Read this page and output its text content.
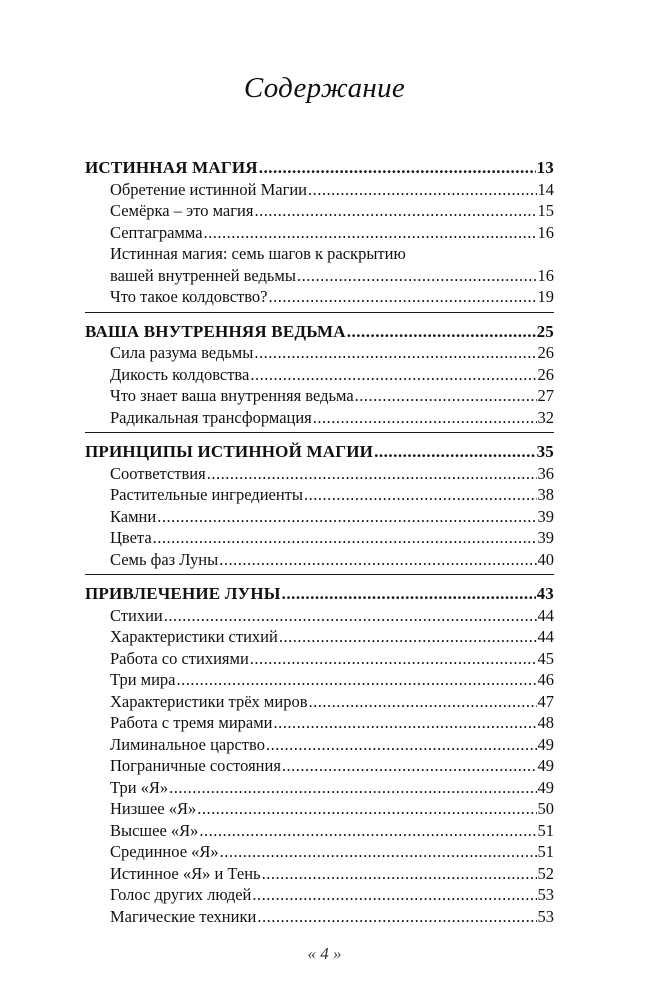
Содержание
ИСТИННАЯ МАГИЯ .....	13
Обретение истинной Магии .....	14
Семёрка – это магия .....	15
Септаграмма .....	16
Истинная магия: семь шагов к раскрытию
вашей внутренней ведьмы .....	16
Что такое колдовство? .....	19
ВАША ВНУТРЕННЯЯ ВЕДЬМА .....	25
Сила разума ведьмы .....	26
Дикость колдовства .....	26
Что знает ваша внутренняя ведьма .....	27
Радикальная трансформация .....	32
ПРИНЦИПЫ ИСТИННОЙ МАГИИ .....	35
Соответствия .....	36
Растительные ингредиенты .....	38
Камни .....	39
Цвета .....	39
Семь фаз Луны .....	40
ПРИВЛЕЧЕНИЕ ЛУНЫ .....	43
Стихии .....	44
Характеристики стихий .....	44
Работа со стихиями .....	45
Три мира .....	46
Характеристики трёх миров .....	47
Работа с тремя мирами .....	48
Лиминальное царство .....	49
Пограничные состояния .....	49
Три «Я» .....	49
Низшее «Я» .....	50
Высшее «Я» .....	51
Срединное «Я» .....	51
Истинное «Я» и Тень .....	52
Голос других людей .....	53
Магические техники .....	53
« 4 »
